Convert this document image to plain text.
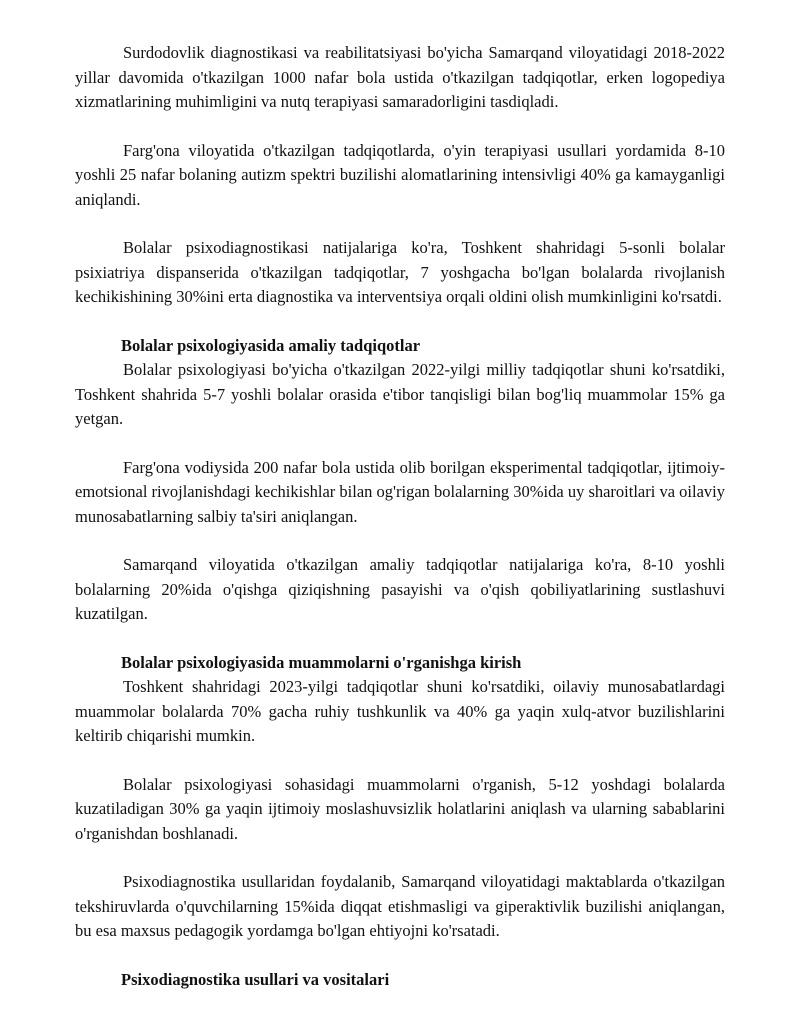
Surdodovlik diagnostikasi va reabilitatsiyasi bo'yicha Samarqand viloyatidagi 2018-2022 yillar davomida o'tkazilgan 1000 nafar bola ustida o'tkazilgan tadqiqotlar, erken logopediya xizmatlarining muhimligini va nutq terapiyasi samaradorligini tasdiqladi.

Farg'ona viloyatida o'tkazilgan tadqiqotlarda, o'yin terapiyasi usullari yordamida 8-10 yoshli 25 nafar bolaning autizm spektri buzilishi alomatlarining intensivligi 40% ga kamayganligi aniqlandi.

Bolalar psixodiagnostikasi natijalariga ko'ra, Toshkent shahridagi 5-sonli bolalar psixiatriya dispanserida o'tkazilgan tadqiqotlar, 7 yoshgacha bo'lgan bolalarda rivojlanish kechikishining 30%ini erta diagnostika va interventsiya orqali oldini olish mumkinligini ko'rsatdi.

Bolalar psixologiyasida amaliy tadqiqotlar

Bolalar psixologiyasi bo'yicha o'tkazilgan 2022-yilgi milliy tadqiqotlar shuni ko'rsatdiki, Toshkent shahrida 5-7 yoshli bolalar orasida e'tibor tanqisligi bilan bog'liq muammolar 15% ga yetgan.

Farg'ona vodiysida 200 nafar bola ustida olib borilgan eksperimental tadqiqotlar, ijtimoiy-emotsional rivojlanishdagi kechikishlar bilan og'rigan bolalarning 30%ida uy sharoitlari va oilaviy munosabatlarning salbiy ta'siri aniqlangan.

Samarqand viloyatida o'tkazilgan amaliy tadqiqotlar natijalariga ko'ra, 8-10 yoshli bolalarning 20%ida o'qishga qiziqishning pasayishi va o'qish qobiliyatlarining sustlashuvi kuzatilgan.

Bolalar psixologiyasida muammolarni o'rganishga kirish

Toshkent shahridagi 2023-yilgi tadqiqotlar shuni ko'rsatdiki, oilaviy munosabatlardagi muammolar bolalarda 70% gacha ruhiy tushkunlik va 40% ga yaqin xulq-atvor buzilishlarini keltirib chiqarishi mumkin.

Bolalar psixologiyasi sohasidagi muammolarni o'rganish, 5-12 yoshdagi bolalarda kuzatiladigan 30% ga yaqin ijtimoiy moslashuvsizlik holatlarini aniqlash va ularning sabablarini o'rganishdan boshlanadi.

Psixodiagnostika usullaridan foydalanib, Samarqand viloyatidagi maktablarda o'tkazilgan tekshiruvlarda o'quvchilarning 15%ida diqqat etishmasligi va giperaktivlik buzilishi aniqlangan, bu esa maxsus pedagogik yordamga bo'lgan ehtiyojni ko'rsatadi.

Psixodiagnostika usullari va vositalari
